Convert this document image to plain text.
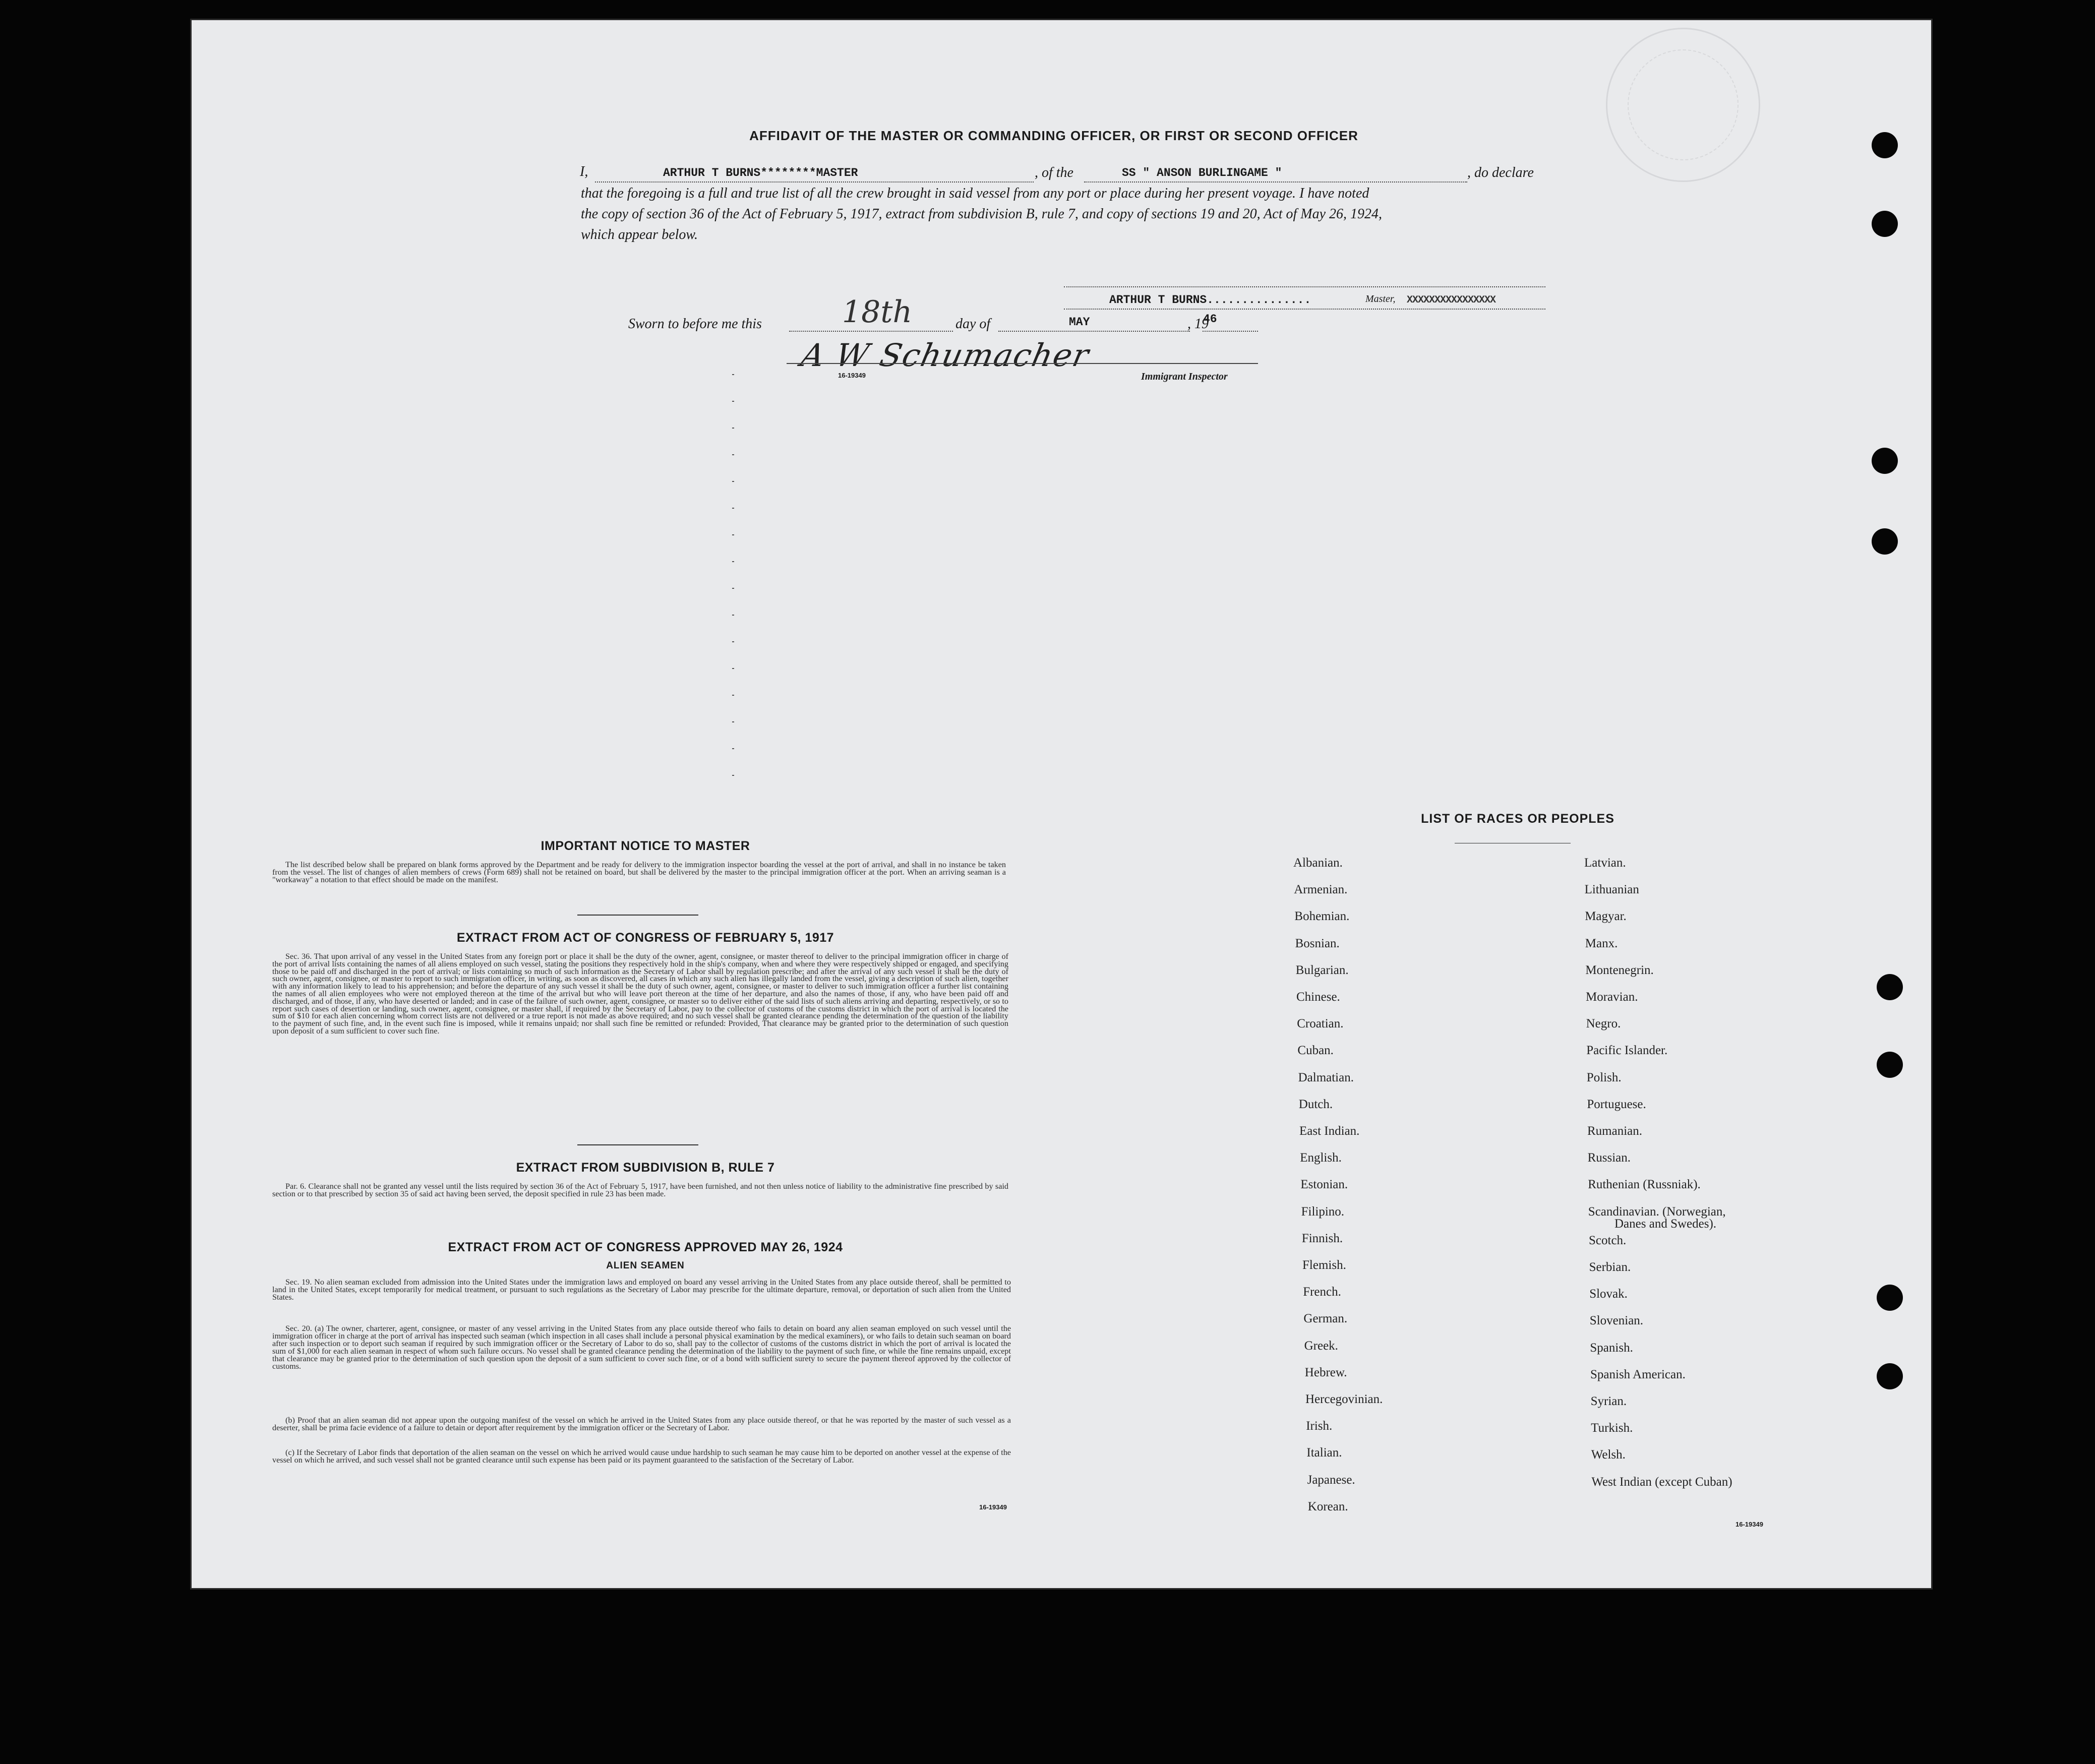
AFFIDAVIT OF THE MASTER OR COMMANDING OFFICER, OR FIRST OR SECOND OFFICER
I,	ARTHUR T BURNS********MASTER	, of the	SS " ANSON BURLINGAME "	, do declare
that the foregoing is a full and true list of all the crew brought in said vessel from any port or place during her present voyage. I have noted
the copy of section 36 of the Act of February 5, 1917, extract from subdivision B, rule 7, and copy of sections 19 and 20, Act of May 26, 1924,
which appear below.
ARTHUR T BURNS...............	Master, XXXXXXXXXXXXXXXX
Sworn to before me this	18th	day of	MAY	, 19
46
A W Schumacher
16-19349	Immigrant Inspector
IMPORTANT NOTICE TO MASTER
The list described below shall be prepared on blank forms approved by the Department and be ready for delivery to the immigration inspector boarding the vessel at the port of arrival, and shall in no instance be taken from the vessel. The list of changes of alien members of crews (Form 689) shall not be retained on board, but shall be delivered by the master to the principal immigration officer at the port. When an arriving seaman is a "workaway" a notation to that effect should be made on the manifest.
EXTRACT FROM ACT OF CONGRESS OF FEBRUARY 5, 1917
Sec. 36. That upon arrival of any vessel in the United States from any foreign port or place it shall be the duty of the owner, agent, consignee, or master thereof to deliver to the principal immigration officer in charge of the port of arrival lists containing the names of all aliens employed on such vessel, stating the positions they respectively hold in the ship's company, when and where they were respectively shipped or engaged, and specifying those to be paid off and discharged in the port of arrival; or lists containing so much of such information as the Secretary of Labor shall by regulation prescribe; and after the arrival of any such vessel it shall be the duty of such owner, agent, consignee, or master to report to such immigration officer, in writing, as soon as discovered, all cases in which any such alien has illegally landed from the vessel, giving a description of such alien, together with any information likely to lead to his apprehension; and before the departure of any such vessel it shall be the duty of such owner, agent, consignee, or master to deliver to such immigration officer a further list containing the names of all alien employees who were not employed thereon at the time of the arrival but who will leave port thereon at the time of her departure, and also the names of those, if any, who have been paid off and discharged, and of those, if any, who have deserted or landed; and in case of the failure of such owner, agent, consignee, or master so to deliver either of the said lists of such aliens arriving and departing, respectively, or so to report such cases of desertion or landing, such owner, agent, consignee, or master shall, if required by the Secretary of Labor, pay to the collector of customs of the customs district in which the port of arrival is located the sum of $10 for each alien concerning whom correct lists are not delivered or a true report is not made as above required; and no such vessel shall be granted clearance pending the determination of the question of the liability to the payment of such fine, and, in the event such fine is imposed, while it remains unpaid; nor shall such fine be remitted or refunded: Provided, That clearance may be granted prior to the determination of such question upon deposit of a sum sufficient to cover such fine.
EXTRACT FROM SUBDIVISION B, RULE 7
Par. 6. Clearance shall not be granted any vessel until the lists required by section 36 of the Act of February 5, 1917, have been furnished, and not then unless notice of liability to the administrative fine prescribed by said section or to that prescribed by section 35 of said act having been served, the deposit specified in rule 23 has been made.
EXTRACT FROM ACT OF CONGRESS APPROVED MAY 26, 1924
ALIEN SEAMEN
Sec. 19. No alien seaman excluded from admission into the United States under the immigration laws and employed on board any vessel arriving in the United States from any place outside thereof, shall be permitted to land in the United States, except temporarily for medical treatment, or pursuant to such regulations as the Secretary of Labor may prescribe for the ultimate departure, removal, or deportation of such alien from the United States.
Sec. 20. (a) The owner, charterer, agent, consignee, or master of any vessel arriving in the United States from any place outside thereof who fails to detain on board any alien seaman employed on such vessel until the immigration officer in charge at the port of arrival has inspected such seaman (which inspection in all cases shall include a personal physical examination by the medical examiners), or who fails to detain such seaman on board after such inspection or to deport such seaman if required by such immigration officer or the Secretary of Labor to do so, shall pay to the collector of customs of the customs district in which the port of arrival is located the sum of $1,000 for each alien seaman in respect of whom such failure occurs. No vessel shall be granted clearance pending the determination of the liability to the payment of such fine, or while the fine remains unpaid, except that clearance may be granted prior to the determination of such question upon the deposit of a sum sufficient to cover such fine, or of a bond with sufficient surety to secure the payment thereof approved by the collector of customs.
(b) Proof that an alien seaman did not appear upon the outgoing manifest of the vessel on which he arrived in the United States from any place outside thereof, or that he was reported by the master of such vessel as a deserter, shall be prima facie evidence of a failure to detain or deport after requirement by the immigration officer or the Secretary of Labor.
(c) If the Secretary of Labor finds that deportation of the alien seaman on the vessel on which he arrived would cause undue hardship to such seaman he may cause him to be deported on another vessel at the expense of the vessel on which he arrived, and such vessel shall not be granted clearance until such expense has been paid or its payment guaranteed to the satisfaction of the Secretary of Labor.
16-19349
LIST OF RACES OR PEOPLES
Albanian.
Armenian.
Bohemian.
Bosnian.
Bulgarian.
Chinese.
Croatian.
Cuban.
Dalmatian.
Dutch.
East Indian.
English.
Estonian.
Filipino.
Finnish.
Flemish.
French.
German.
Greek.
Hebrew.
Hercegovinian.
Irish.
Italian.
Japanese.
Korean.
Latvian.
Lithuanian
Magyar.
Manx.
Montenegrin.
Moravian.
Negro.
Pacific Islander.
Polish.
Portuguese.
Rumanian.
Russian.
Ruthenian (Russniak).
Scandinavian. (Norwegian,
Danes and Swedes).
Scotch.
Serbian.
Slovak.
Slovenian.
Spanish.
Spanish American.
Syrian.
Turkish.
Welsh.
West Indian (except Cuban)
16-19349
